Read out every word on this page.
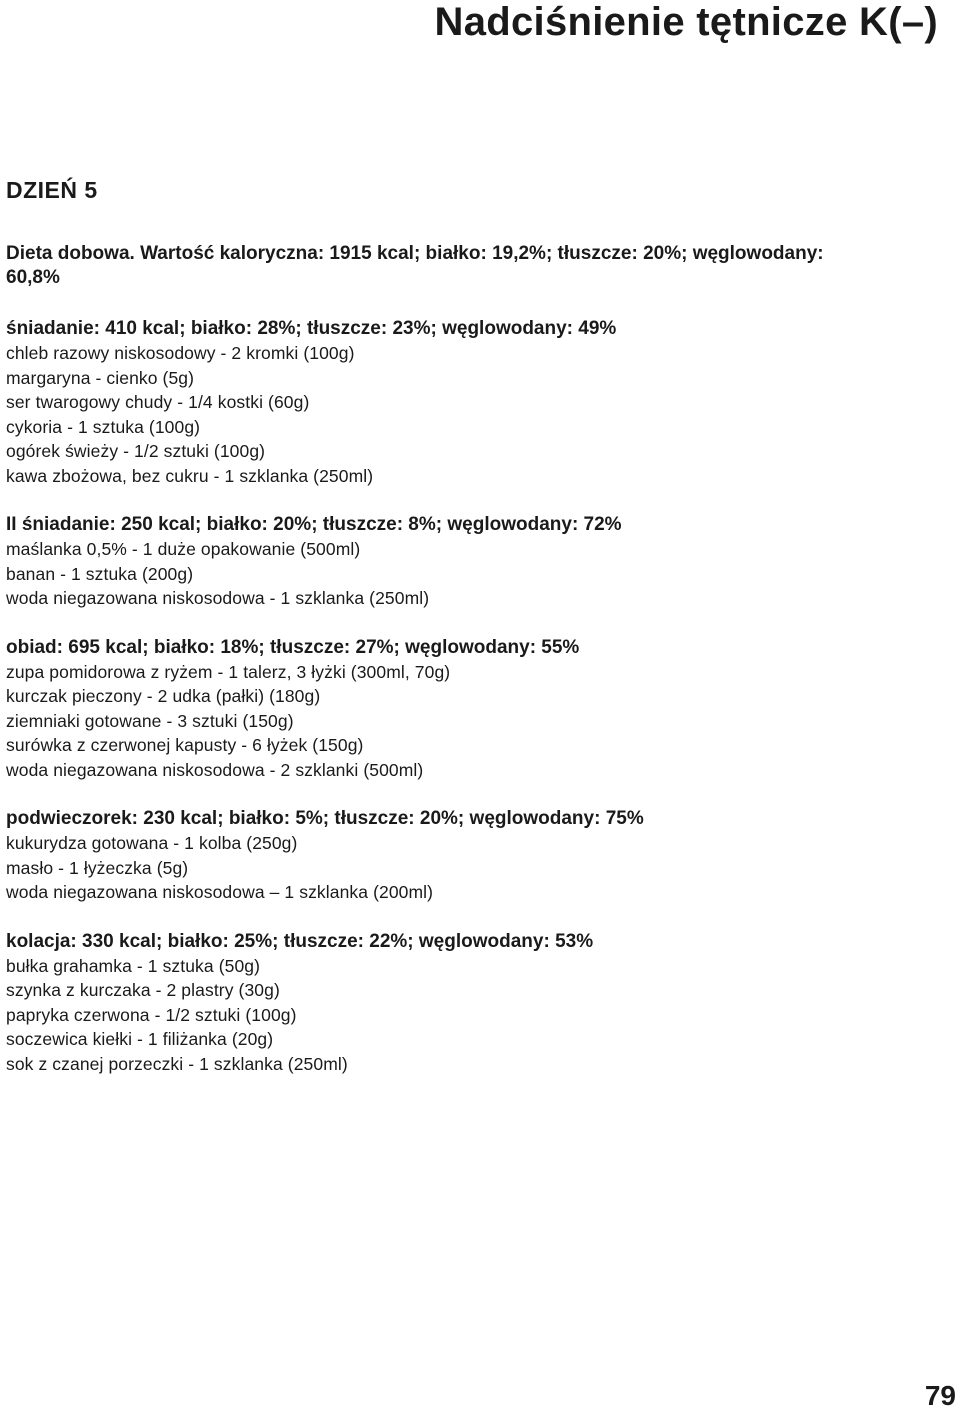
Nadciśnienie tętnicze K(–)
DZIEŃ 5

Dieta dobowa. Wartość kaloryczna: 1915 kcal; białko: 19,2%; tłuszcze: 20%; węglowodany: 60,8%

śniadanie: 410 kcal; białko: 28%; tłuszcze: 23%; węglowodany: 49%

chleb razowy niskosodowy - 2 kromki (100g)
margaryna - cienko (5g)
ser twarogowy chudy - 1/4 kostki (60g)
cykoria - 1 sztuka (100g)
ogórek świeży - 1/2 sztuki (100g)
kawa zbożowa, bez cukru - 1 szklanka (250ml)

II śniadanie: 250 kcal; białko: 20%; tłuszcze: 8%; węglowodany: 72%

maślanka 0,5% - 1 duże opakowanie (500ml)
banan - 1 sztuka (200g)
woda niegazowana niskosodowa - 1 szklanka (250ml)

obiad: 695 kcal; białko: 18%; tłuszcze: 27%; węglowodany: 55%

zupa pomidorowa z ryżem - 1 talerz, 3 łyżki (300ml, 70g)
kurczak pieczony - 2 udka (pałki) (180g)
ziemniaki gotowane - 3 sztuki (150g)
surówka z czerwonej kapusty - 6 łyżek (150g)
woda niegazowana niskosodowa - 2 szklanki (500ml)

podwieczorek: 230 kcal; białko: 5%; tłuszcze: 20%; węglowodany: 75%

kukurydza gotowana - 1 kolba (250g)
masło - 1 łyżeczka (5g)
woda niegazowana niskosodowa – 1 szklanka (200ml)

kolacja: 330 kcal; białko: 25%; tłuszcze: 22%; węglowodany: 53%

bułka grahamka - 1 sztuka (50g)
szynka z kurczaka - 2 plastry (30g)
papryka czerwona - 1/2 sztuki (100g)
soczewica kiełki - 1 filiżanka (20g)
sok z czanej porzeczki - 1 szklanka (250ml)

79
